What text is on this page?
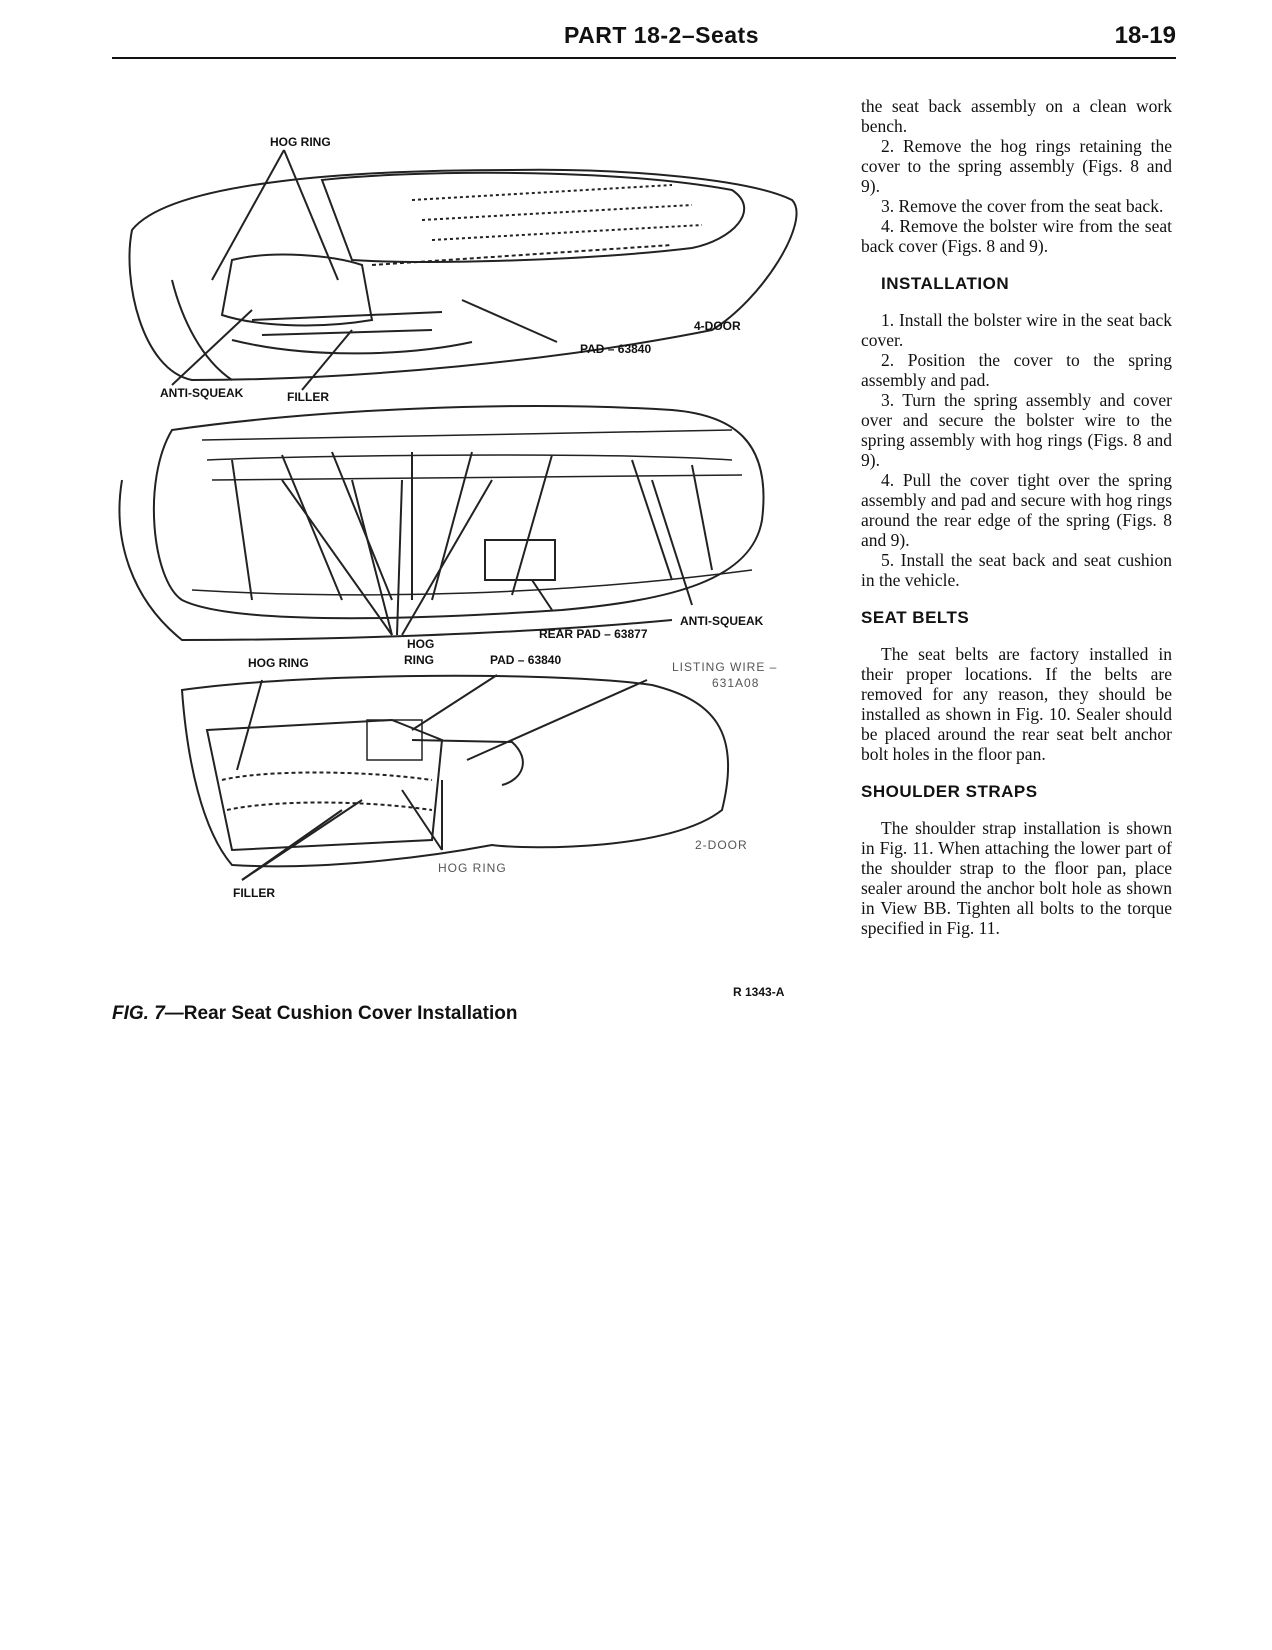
PART 18-2–Seats	18-19
HOG RING
4-DOOR
PAD – 63840
ANTI-SQUEAK	FILLER
REAR PAD – 63877
ANTI-SQUEAK
HOG
RING
HOG RING	PAD – 63840	LISTING WIRE –
631A08
2-DOOR
HOG RING
FILLER
R 1343-A
FIG. 7—Rear Seat Cushion Cover Installation

the seat back assembly on a clean work bench.

2. Remove the hog rings retaining the cover to the spring assembly (Figs. 8 and 9).

3. Remove the cover from the seat back.

4. Remove the bolster wire from the seat back cover (Figs. 8 and 9).

INSTALLATION

1. Install the bolster wire in the seat back cover.

2. Position the cover to the spring assembly and pad.

3. Turn the spring assembly and cover over and secure the bolster wire to the spring assembly with hog rings (Figs. 8 and 9).

4. Pull the cover tight over the spring assembly and pad and secure with hog rings around the rear edge of the spring (Figs. 8 and 9).

5. Install the seat back and seat cushion in the vehicle.

SEAT BELTS

The seat belts are factory installed in their proper locations. If the belts are removed for any reason, they should be installed as shown in Fig. 10. Sealer should be placed around the rear seat belt anchor bolt holes in the floor pan.

SHOULDER STRAPS

The shoulder strap installation is shown in Fig. 11. When attaching the lower part of the shoulder strap to the floor pan, place sealer around the anchor bolt hole as shown in View BB. Tighten all bolts to the torque specified in Fig. 11.
